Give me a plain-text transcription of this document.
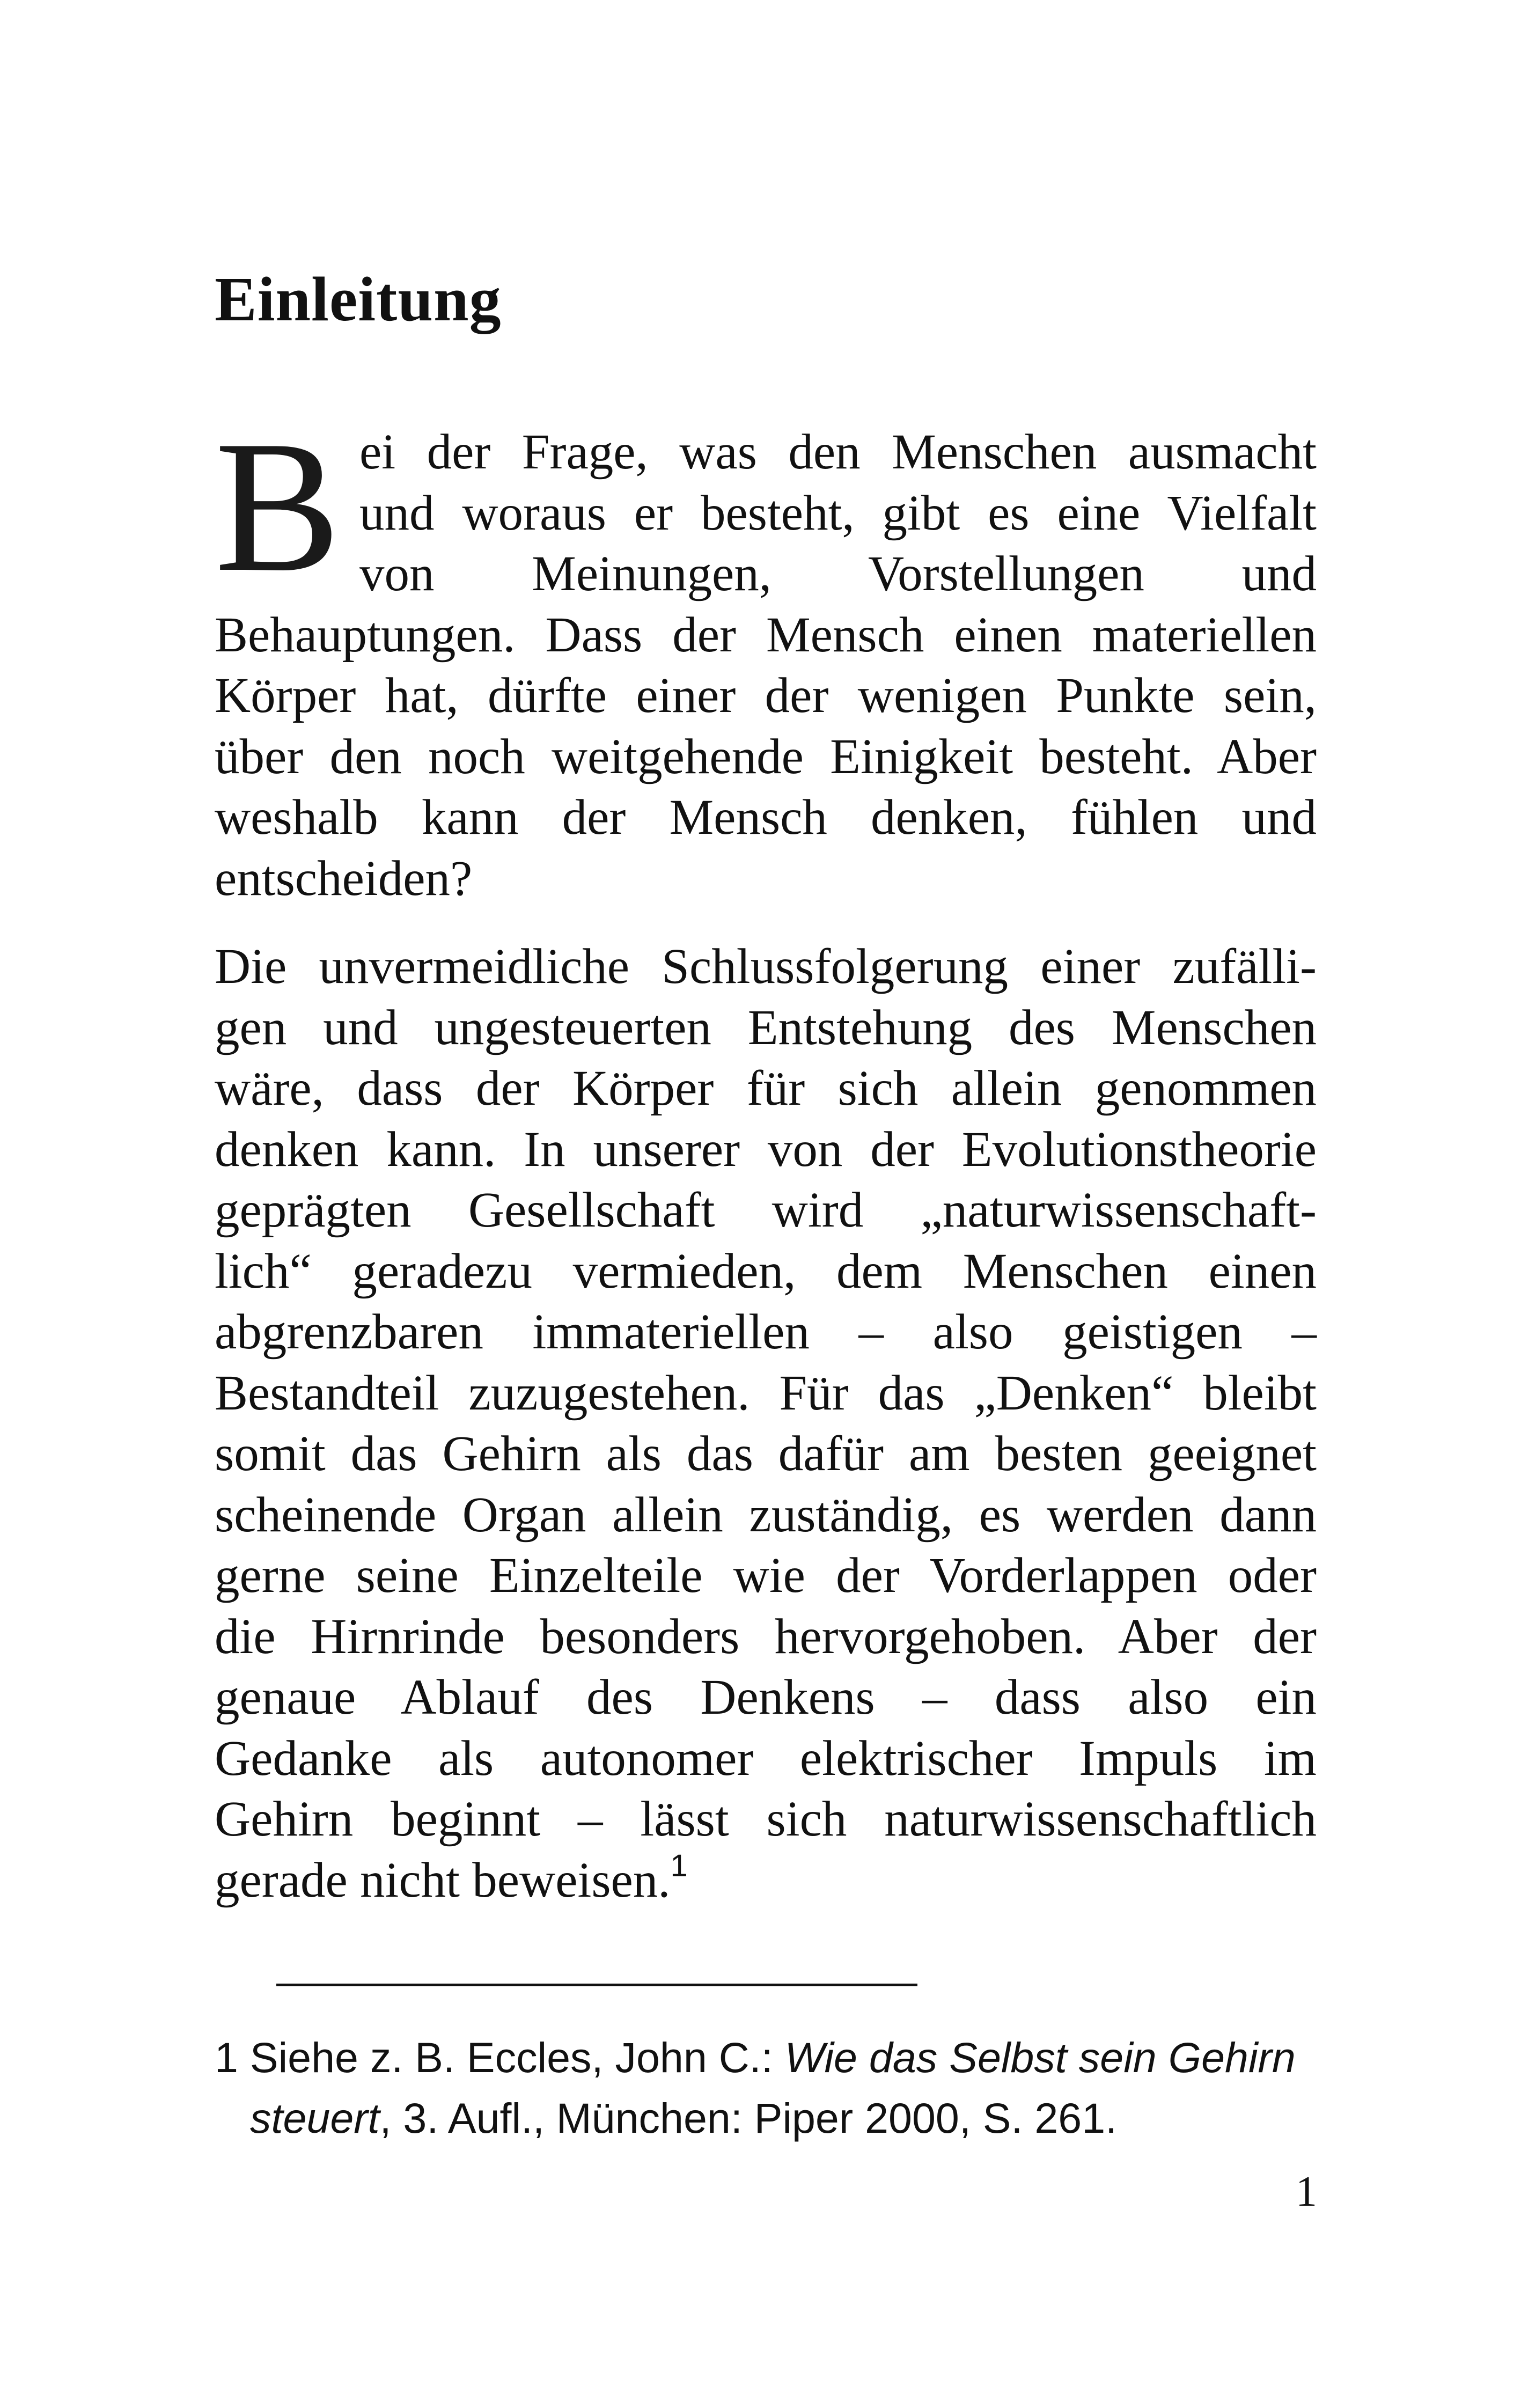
Einleitung
B ei der Frage, was den Menschen ausmacht
und woraus er besteht, gibt es eine Vielfalt
von Meinungen, Vorstellungen und
Behauptungen. Dass der Mensch einen materiellen
Körper hat, dürfte einer der wenigen Punkte sein,
über den noch weitgehende Einigkeit besteht. Aber
weshalb kann der Mensch denken, fühlen und
entscheiden?
Die unvermeidliche Schlussfolgerung einer zufälli-
gen und ungesteuerten Entstehung des Menschen
wäre, dass der Körper für sich allein genommen
denken kann. In unserer von der Evolutionstheorie
geprägten Gesellschaft wird „naturwissenschaft-
lich“ geradezu vermieden, dem Menschen einen
abgrenzbaren immateriellen – also geistigen –
Bestandteil zuzugestehen. Für das „Denken“ bleibt
somit das Gehirn als das dafür am besten geeignet
scheinende Organ allein zuständig, es werden dann
gerne seine Einzelteile wie der Vorderlappen oder
die Hirnrinde besonders hervorgehoben. Aber der
genaue Ablauf des Denkens – dass also ein
Gedanke als autonomer elektrischer Impuls im
Gehirn beginnt – lässt sich naturwissenschaftlich
gerade nicht beweisen.$^1$
1 Siehe z. B. Eccles, John C.: Wie das Selbst sein Gehirn
steuert, 3. Aufl., München: Piper 2000, S. 261.
1
